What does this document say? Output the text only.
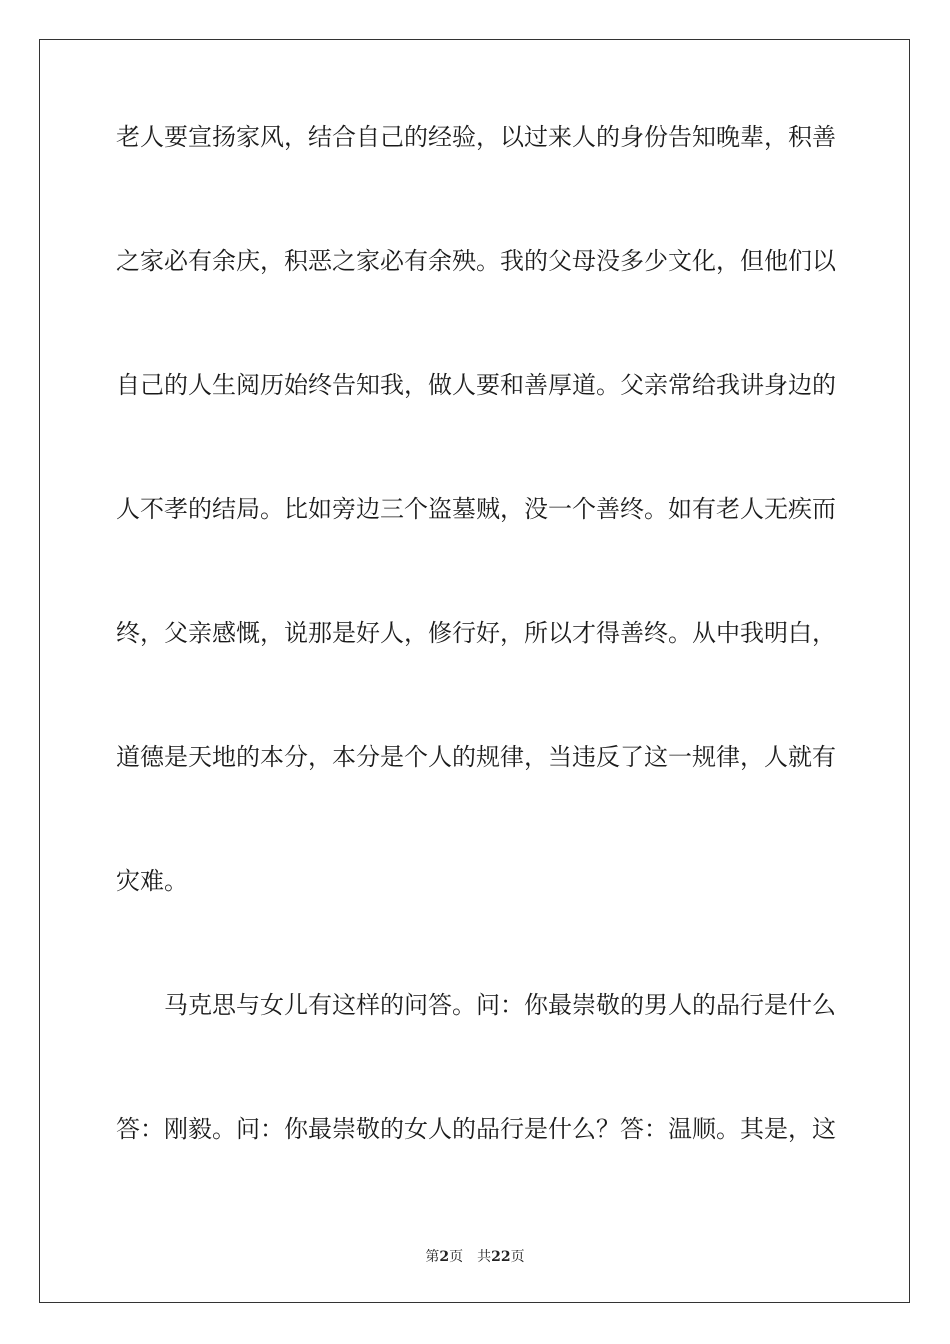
老人要宣扬家风，结合自己的经验，以过来人的身份告知晚辈，积善
之家必有余庆，积恶之家必有余殃。我的父母没多少文化，但他们以
自己的人生阅历始终告知我，做人要和善厚道。父亲常给我讲身边的
人不孝的结局。比如旁边三个盗墓贼，没一个善终。如有老人无疾而
终，父亲感慨，说那是好人，修行好，所以才得善终。从中我明白，
道德是天地的本分，本分是个人的规律，当违反了这一规律，人就有
灾难。
马克思与女儿有这样的问答。问：你最崇敬的男人的品行是什么
答：刚毅。问：你最崇敬的女人的品行是什么？答：温顺。其是，这
第2页 共22页
